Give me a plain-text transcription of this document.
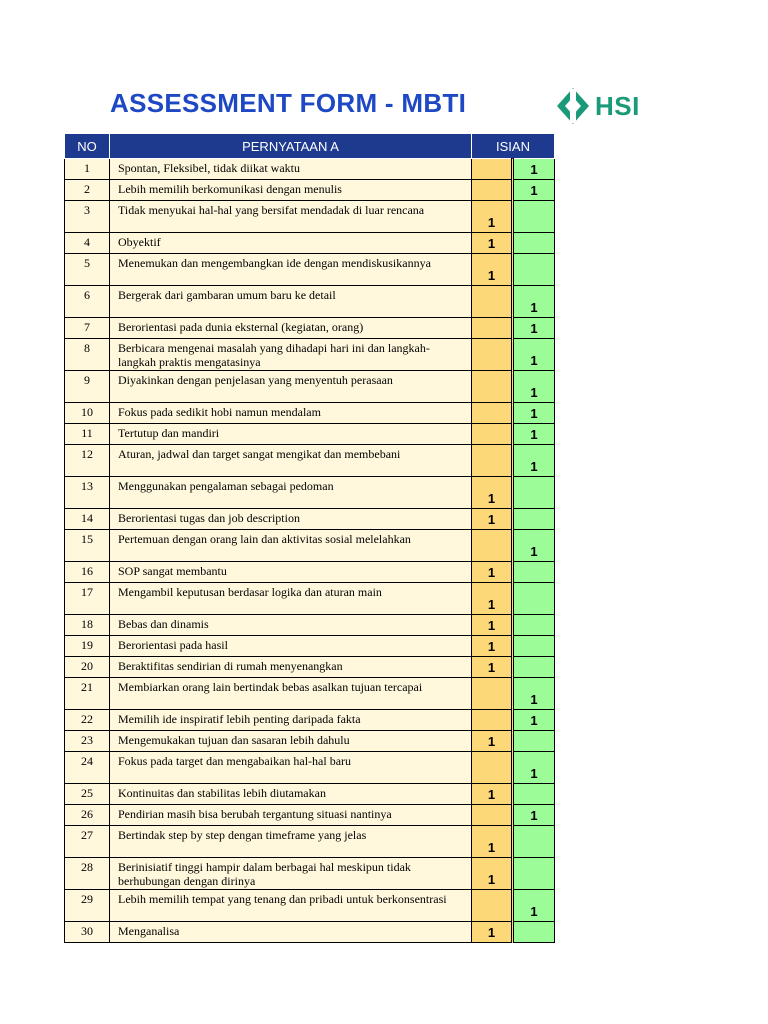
ASSESSMENT FORM - MBTI	HSI
NO	PERNYATAAN A	ISIAN	
1	Spontan, Fleksibel, tidak diikat waktu		1
2	Lebih memilih berkomunikasi dengan menulis		1
3	Tidak menyukai hal-hal yang bersifat mendadak di luar rencana	1	
4	Obyektif	1	
5	Menemukan dan mengembangkan ide dengan mendiskusikannya	1	
6	Bergerak dari gambaran umum baru ke detail		1
7	Berorientasi pada dunia eksternal (kegiatan, orang)		1
8	Berbicara mengenai masalah yang dihadapi hari ini dan langkah-langkah praktis mengatasinya		1
9	Diyakinkan dengan penjelasan yang menyentuh perasaan		1
10	Fokus pada sedikit hobi namun mendalam		1
11	Tertutup dan mandiri		1
12	Aturan, jadwal dan target sangat mengikat dan membebani		1
13	Menggunakan pengalaman sebagai pedoman	1	
14	Berorientasi tugas dan job description	1	
15	Pertemuan dengan orang lain dan aktivitas sosial melelahkan		1
16	SOP sangat membantu	1	
17	Mengambil keputusan berdasar logika dan aturan main	1	
18	Bebas dan dinamis	1	
19	Berorientasi pada hasil	1	
20	Beraktifitas sendirian di rumah menyenangkan	1	
21	Membiarkan orang lain bertindak bebas asalkan tujuan tercapai		1
22	Memilih ide inspiratif lebih penting daripada fakta		1
23	Mengemukakan tujuan dan sasaran lebih dahulu	1	
24	Fokus pada target dan mengabaikan hal-hal baru		1
25	Kontinuitas dan stabilitas lebih diutamakan	1	
26	Pendirian masih bisa berubah tergantung situasi nantinya		1
27	Bertindak step by step dengan timeframe yang jelas	1	
28	Berinisiatif tinggi hampir dalam berbagai hal meskipun tidak berhubungan dengan dirinya	1	
29	Lebih memilih tempat yang tenang dan pribadi untuk berkonsentrasi		1
30	Menganalisa	1	
